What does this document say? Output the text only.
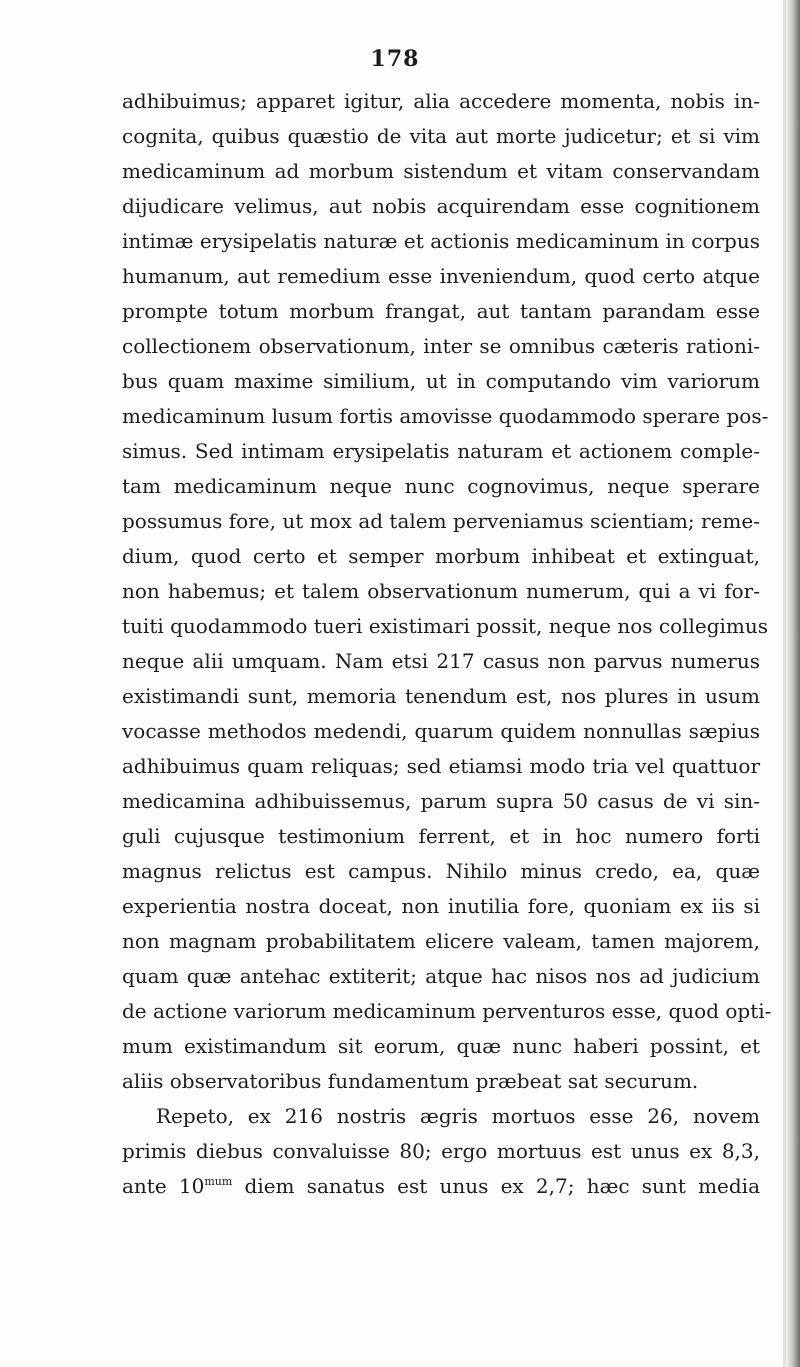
178
adhibuimus; apparet igitur, alia accedere momenta, nobis in-
cognita, quibus quæstio de vita aut morte judicetur; et si vim
medicaminum ad morbum sistendum et vitam conservandam
dijudicare velimus, aut nobis acquirendam esse cognitionem
intimæ erysipelatis naturæ et actionis medicaminum in corpus
humanum, aut remedium esse inveniendum, quod certo atque
prompte totum morbum frangat, aut tantam parandam esse
collectionem observationum, inter se omnibus cæteris rationi-
bus quam maxime similium, ut in computando vim variorum
medicaminum lusum fortis amovisse quodammodo sperare pos-
simus. Sed intimam erysipelatis naturam et actionem comple-
tam medicaminum neque nunc cognovimus, neque sperare
possumus fore, ut mox ad talem perveniamus scientiam; reme-
dium, quod certo et semper morbum inhibeat et extinguat,
non habemus; et talem observationum numerum, qui a vi for-
tuiti quodammodo tueri existimari possit, neque nos collegimus
neque alii umquam. Nam etsi 217 casus non parvus numerus
existimandi sunt, memoria tenendum est, nos plures in usum
vocasse methodos medendi, quarum quidem nonnullas sæpius
adhibuimus quam reliquas; sed etiamsi modo tria vel quattuor
medicamina adhibuissemus, parum supra 50 casus de vi sin-
guli cujusque testimonium ferrent, et in hoc numero forti
magnus relictus est campus. Nihilo minus credo, ea, quæ
experientia nostra doceat, non inutilia fore, quoniam ex iis si
non magnam probabilitatem elicere valeam, tamen majorem,
quam quæ antehac extiterit; atque hac nisos nos ad judicium
de actione variorum medicaminum perventuros esse, quod opti-
mum existimandum sit eorum, quæ nunc haberi possint, et
aliis observatoribus fundamentum præbeat sat securum.
Repeto, ex 216 nostris ægris mortuos esse 26, novem
primis diebus convaluisse 80; ergo mortuus est unus ex 8,3,
ante $10^{mum}$ diem sanatus est unus ex 2,7; hæc sunt media
